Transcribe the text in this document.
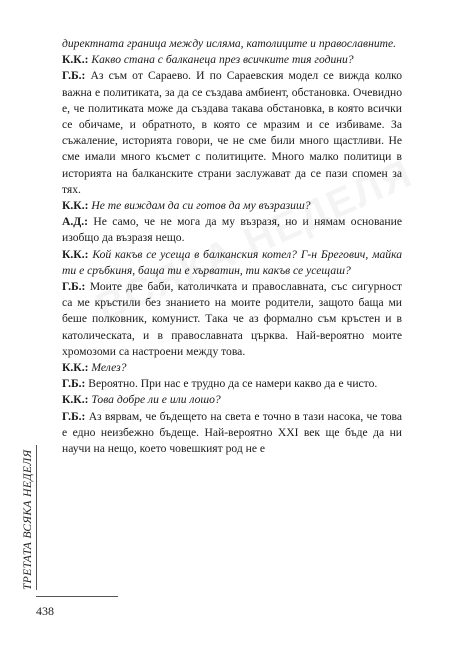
директната граница между исляма, католиците и православните.

К.К.: Какво стана с балканеца през всичките тия години?

Г.Б.: Аз съм от Сараево. И по Сараевския модел се вижда колко важна е политиката, за да се създава амбиент, обстановка. Очевидно е, че политиката може да създава такава обстановка, в която всички се обичаме, и обратното, в която се мразим и се избиваме. За съжаление, историята говори, че не сме били много щастливи. Не сме имали много късмет с политиците. Много малко политици в историята на балканските страни заслужават да се пази спомен за тях.

К.К.: Не те виждам да си готов да му възразиш?

А.Д.: Не само, че не мога да му възразя, но и нямам основание изобщо да възразя нещо.

К.К.: Кой какъв се усеща в балканския котел? Г-н Брегович, майка ти е сръбкиня, баща ти е хърватин, ти какъв се усещаш?

Г.Б.: Моите две баби, католичката и православната, със сигурност са ме кръстили без знанието на моите родители, защото баща ми беше полковник, комунист. Така че аз формално съм кръстен и в католическата, и в православната църква. Най-вероятно моите хромозоми са настроени между това.

К.К.: Мелез?

Г.Б.: Вероятно. При нас е трудно да се намери какво да е чисто.

К.К.: Това добре ли е или лошо?

Г.Б.: Аз вярвам, че бъдещето на света е точно в тази насока, че това е едно неизбежно бъдеще. Най-вероятно XXI век ще бъде да ни научи на нещо, което човешкият род не е

ТРЕТАТА ВСЯКА НЕДЕЛЯ
438
